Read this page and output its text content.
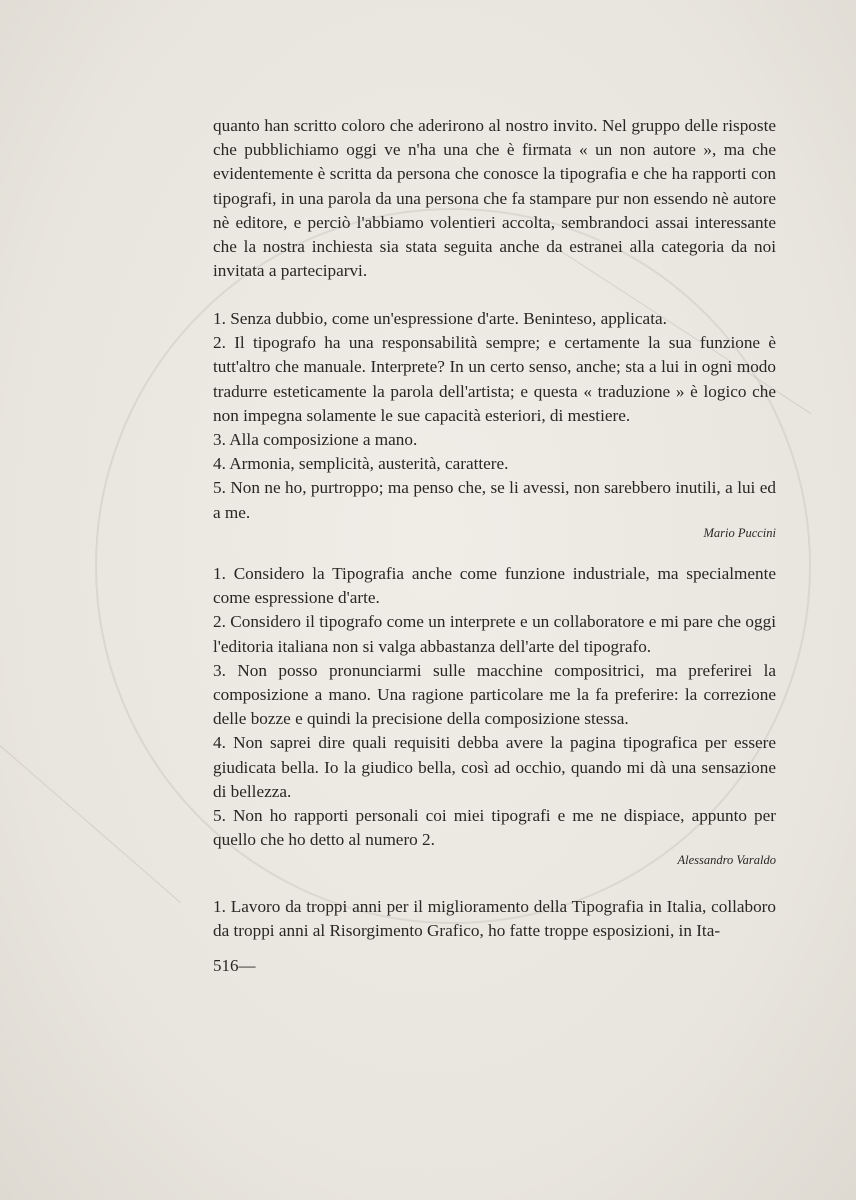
quanto han scritto coloro che aderirono al nostro invito. Nel gruppo delle risposte che pubblichiamo oggi ve n'ha una che è firmata « un non autore », ma che evidentemente è scritta da persona che conosce la tipografia e che ha rapporti con tipografi, in una parola da una persona che fa stampare pur non essendo nè autore nè editore, e perciò l'abbiamo volentieri accolta, sembrandoci assai interessante che la nostra inchiesta sia stata seguita anche da estranei alla categoria da noi invitata a parteciparvi.

1. Senza dubbio, come un'espressione d'arte. Beninteso, applicata.

2. Il tipografo ha una responsabilità sempre; e certamente la sua funzione è tutt'altro che manuale. Interprete? In un certo senso, anche; sta a lui in ogni modo tradurre esteticamente la parola dell'artista; e questa « traduzione » è logico che non impegna solamente le sue capacità esteriori, di mestiere.

3. Alla composizione a mano.

4. Armonia, semplicità, austerità, carattere.

5. Non ne ho, purtroppo; ma penso che, se li avessi, non sarebbero inutili, a lui ed a me.

Mario Puccini

1. Considero la Tipografia anche come funzione industriale, ma specialmente come espressione d'arte.

2. Considero il tipografo come un interprete e un collaboratore e mi pare che oggi l'editoria italiana non si valga abbastanza dell'arte del tipografo.

3. Non posso pronunciarmi sulle macchine compositrici, ma preferirei la composizione a mano. Una ragione particolare me la fa preferire: la correzione delle bozze e quindi la precisione della composizione stessa.

4. Non saprei dire quali requisiti debba avere la pagina tipografica per essere giudicata bella. Io la giudico bella, così ad occhio, quando mi dà una sensazione di bellezza.

5. Non ho rapporti personali coi miei tipografi e me ne dispiace, appunto per quello che ho detto al numero 2.

Alessandro Varaldo

1. Lavoro da troppi anni per il miglioramento della Tipografia in Italia, collaboro da troppi anni al Risorgimento Grafico, ho fatte troppe esposizioni, in Ita-

516—
